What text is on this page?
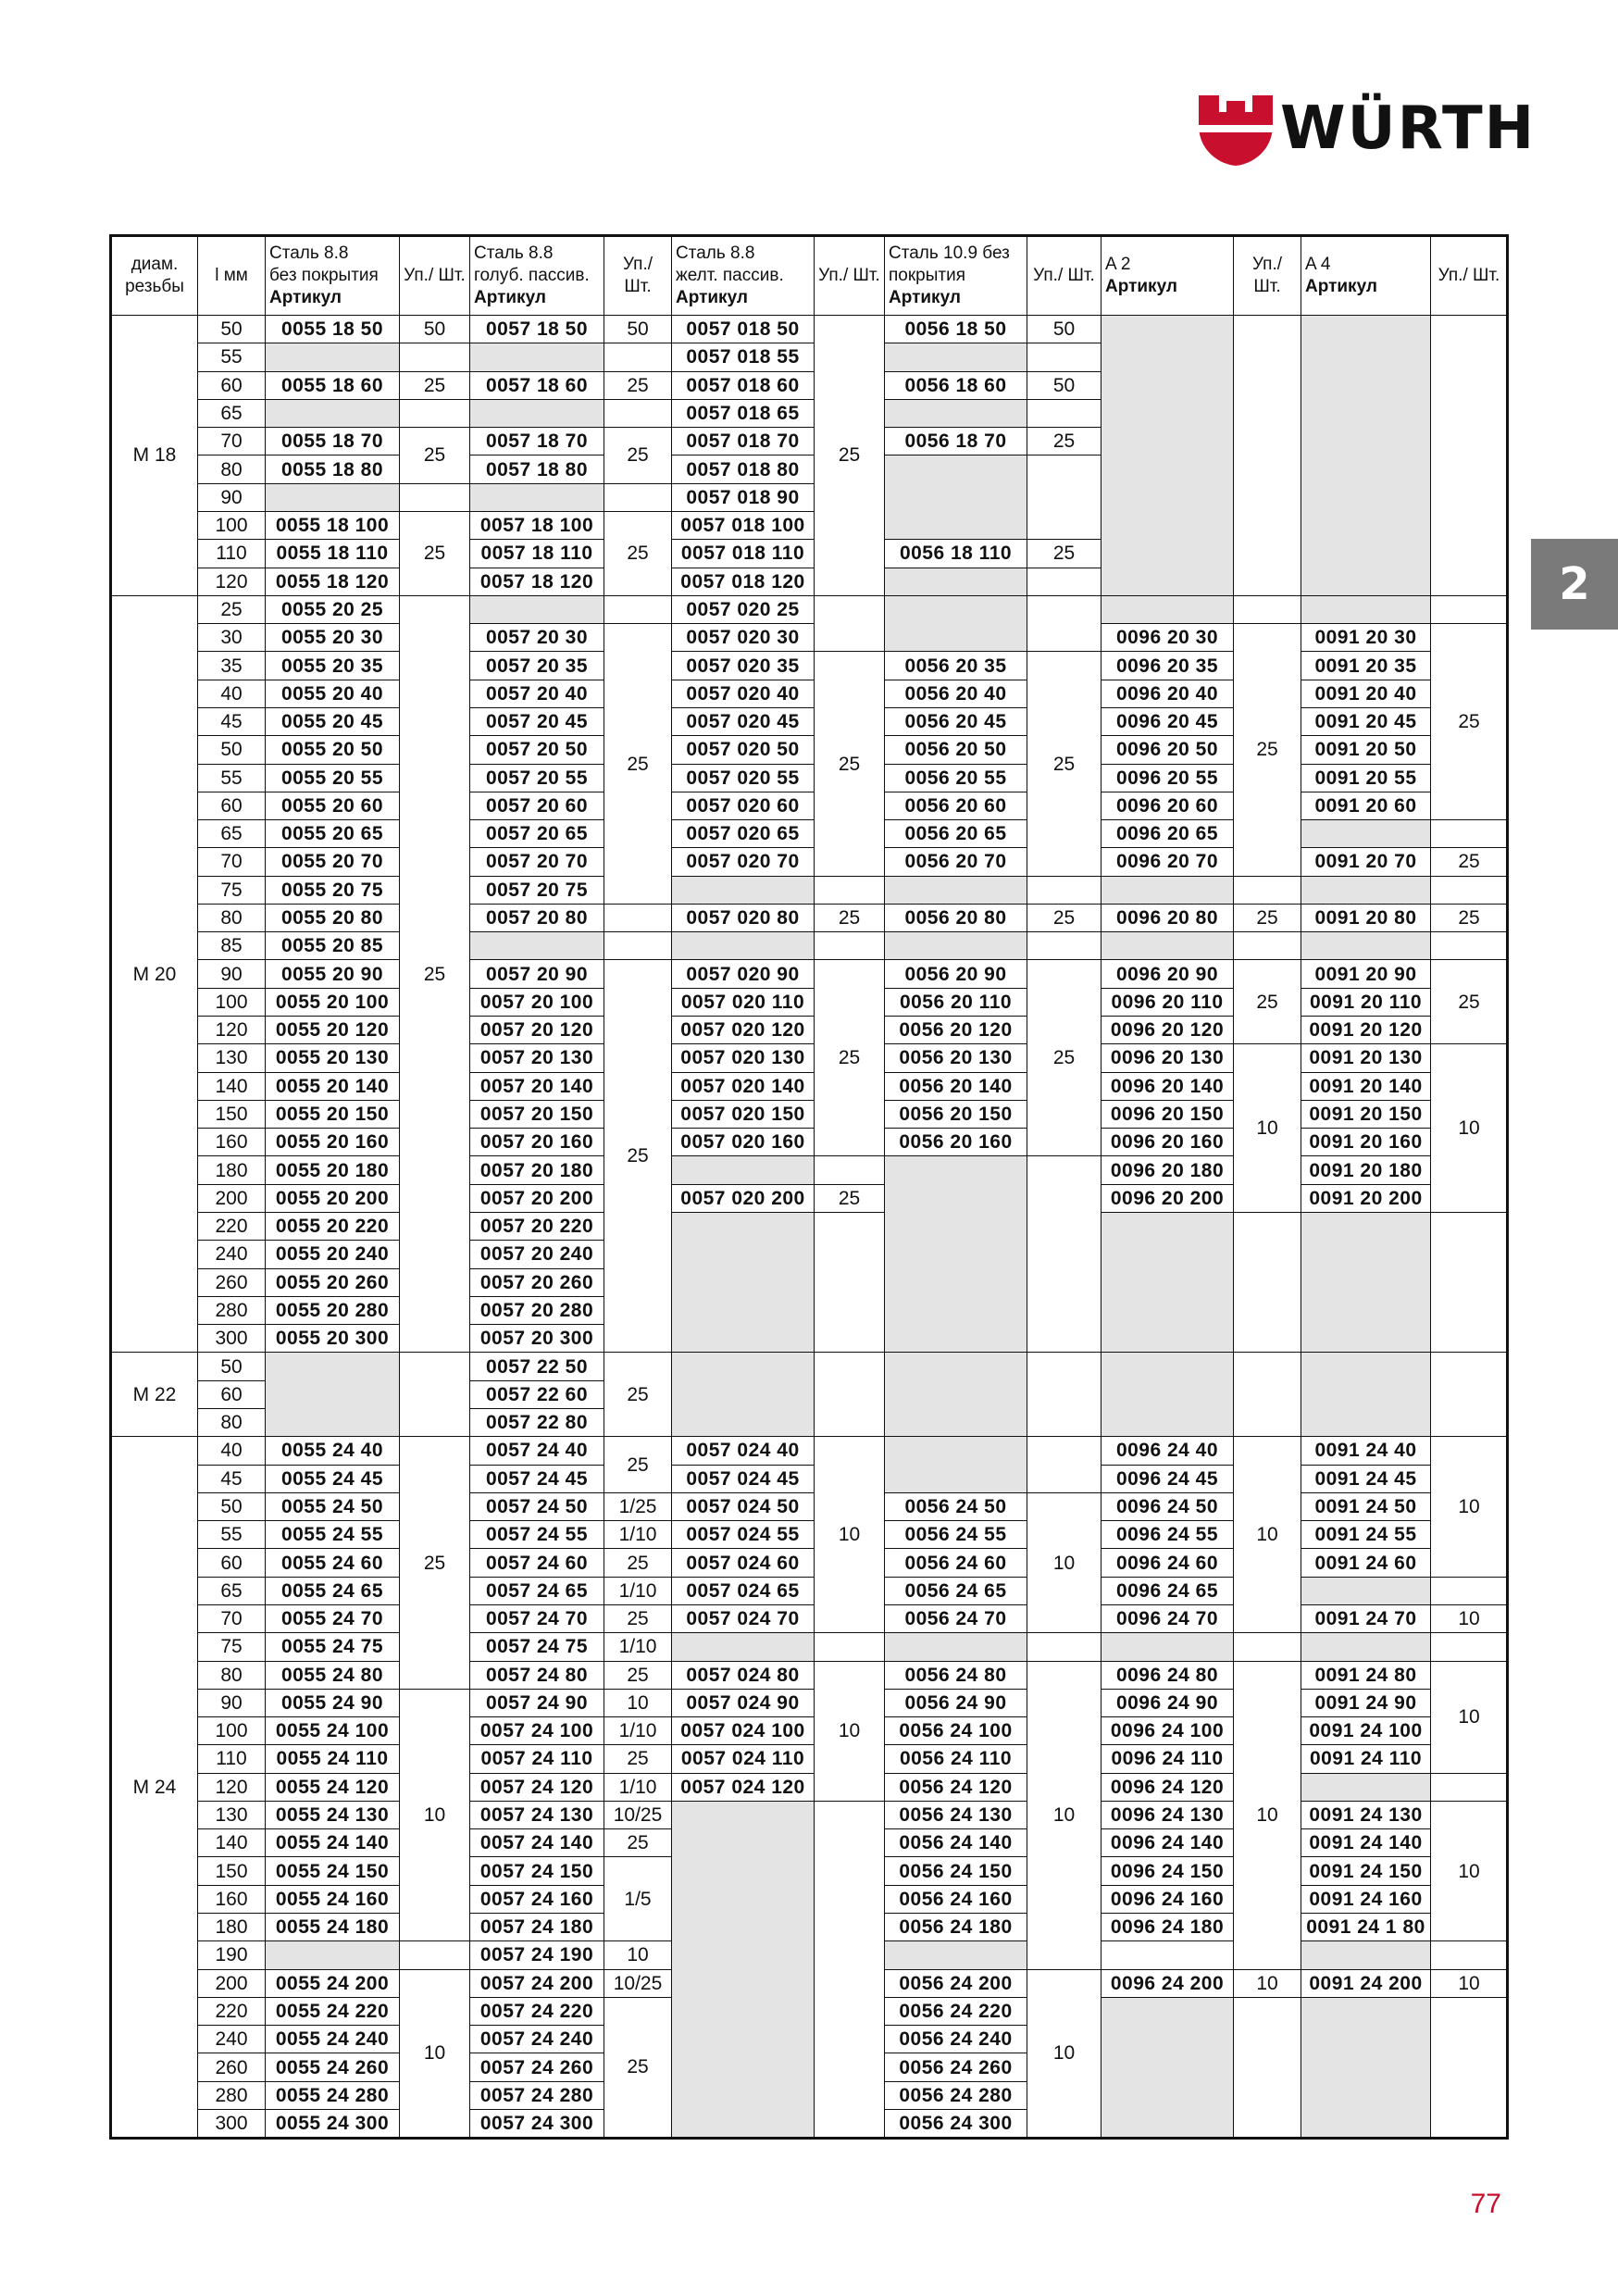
WÜRTH
2
диам. резьбы	l мм	Сталь 8.8
без покрытия
Артикул	Уп./ Шт.	Сталь 8.8
голуб. пассив.
Артикул	Уп./ Шт.	Сталь 8.8
желт. пассив.
Артикул	Уп./ Шт.	Сталь 10.9 без
покрытия
Артикул	Уп./ Шт.	A 2
Артикул	Уп./ Шт.	A 4
Артикул	Уп./ Шт.	
M 18	50	0055 18 50	50	0057 18 50	50	0057 018 50	25	0056 18 50	50					
	55					0057 018 55								
	60	0055 18 60	25	0057 18 60	25	0057 018 60		0056 18 60	50					
	65					0057 018 65								
	70	0055 18 70	25	0057 18 70	25	0057 018 70		0056 18 70	25					
	80	0055 18 80		0057 18 80		0057 018 80								
	90					0057 018 90								
	100	0055 18 100	25	0057 18 100	25	0057 018 100								
	110	0055 18 110		0057 18 110		0057 018 110		0056 18 110	25					
	120	0055 18 120		0057 18 120		0057 018 120								
M 20	25	0055 20 25	25			0057 020 25								
	30	0055 20 30		0057 20 30	25	0057 020 30				0096 20 30	25	0091 20 30	25	
	35	0055 20 35		0057 20 35		0057 020 35	25	0056 20 35	25	0096 20 35		0091 20 35		
	40	0055 20 40		0057 20 40		0057 020 40		0056 20 40		0096 20 40		0091 20 40		
	45	0055 20 45		0057 20 45		0057 020 45		0056 20 45		0096 20 45		0091 20 45		
	50	0055 20 50		0057 20 50		0057 020 50		0056 20 50		0096 20 50		0091 20 50		
	55	0055 20 55		0057 20 55		0057 020 55		0056 20 55		0096 20 55		0091 20 55		
	60	0055 20 60		0057 20 60		0057 020 60		0056 20 60		0096 20 60		0091 20 60		
	65	0055 20 65		0057 20 65		0057 020 65		0056 20 65		0096 20 65				
	70	0055 20 70		0057 20 70		0057 020 70		0056 20 70		0096 20 70		0091 20 70	25	
	75	0055 20 75		0057 20 75										
	80	0055 20 80		0057 20 80		0057 020 80	25	0056 20 80	25	0096 20 80	25	0091 20 80	25	
	85	0055 20 85												
	90	0055 20 90		0057 20 90	25	0057 020 90	25	0056 20 90	25	0096 20 90	25	0091 20 90	25	
	100	0055 20 100		0057 20 100		0057 020 110		0056 20 110		0096 20 110		0091 20 110		
	120	0055 20 120		0057 20 120		0057 020 120		0056 20 120		0096 20 120		0091 20 120		
	130	0055 20 130		0057 20 130		0057 020 130		0056 20 130		0096 20 130	10	0091 20 130	10	
	140	0055 20 140		0057 20 140		0057 020 140		0056 20 140		0096 20 140		0091 20 140		
	150	0055 20 150		0057 20 150		0057 020 150		0056 20 150		0096 20 150		0091 20 150		
	160	0055 20 160		0057 20 160		0057 020 160		0056 20 160		0096 20 160		0091 20 160		
	180	0055 20 180		0057 20 180						0096 20 180		0091 20 180		
	200	0055 20 200		0057 20 200		0057 020 200	25			0096 20 200		0091 20 200		
	220	0055 20 220		0057 20 220										
	240	0055 20 240		0057 20 240										
	260	0055 20 260		0057 20 260										
	280	0055 20 280		0057 20 280										
	300	0055 20 300		0057 20 300										
M 22	50			0057 22 50	25									
	60			0057 22 60										
	80			0057 22 80										
M 24	40	0055 24 40	25	0057 24 40	25	0057 024 40	10			0096 24 40	10	0091 24 40	10	
	45	0055 24 45		0057 24 45		0057 024 45				0096 24 45		0091 24 45		
	50	0055 24 50		0057 24 50	1/25	0057 024 50		0056 24 50	10	0096 24 50		0091 24 50		
	55	0055 24 55		0057 24 55	1/10	0057 024 55		0056 24 55		0096 24 55		0091 24 55		
	60	0055 24 60		0057 24 60	25	0057 024 60		0056 24 60		0096 24 60		0091 24 60		
	65	0055 24 65		0057 24 65	1/10	0057 024 65		0056 24 65		0096 24 65				
	70	0055 24 70		0057 24 70	25	0057 024 70		0056 24 70		0096 24 70		0091 24 70	10	
	75	0055 24 75		0057 24 75	1/10									
	80	0055 24 80		0057 24 80	25	0057 024 80	10	0056 24 80	10	0096 24 80	10	0091 24 80	10	
	90	0055 24 90	10	0057 24 90	10	0057 024 90		0056 24 90		0096 24 90		0091 24 90		
	100	0055 24 100		0057 24 100	1/10	0057 024 100		0056 24 100		0096 24 100		0091 24 100		
	110	0055 24 110		0057 24 110	25	0057 024 110		0056 24 110		0096 24 110		0091 24 110		
	120	0055 24 120		0057 24 120	1/10	0057 024 120		0056 24 120		0096 24 120				
	130	0055 24 130		0057 24 130	10/25			0056 24 130		0096 24 130		0091 24 130	10	
	140	0055 24 140		0057 24 140	25			0056 24 140		0096 24 140		0091 24 140		
	150	0055 24 150		0057 24 150	1/5			0056 24 150		0096 24 150		0091 24 150		
	160	0055 24 160		0057 24 160				0056 24 160		0096 24 160		0091 24 160		
	180	0055 24 180		0057 24 180				0056 24 180		0096 24 180		0091 24 1 80		
	190			0057 24 190	10									
	200	0055 24 200	10	0057 24 200	10/25			0056 24 200	10	0096 24 200	10	0091 24 200	10	
	220	0055 24 220		0057 24 220	25			0056 24 220						
	240	0055 24 240		0057 24 240				0056 24 240						
	260	0055 24 260		0057 24 260				0056 24 260						
	280	0055 24 280		0057 24 280				0056 24 280						
	300	0055 24 300		0057 24 300				0056 24 300						
77
